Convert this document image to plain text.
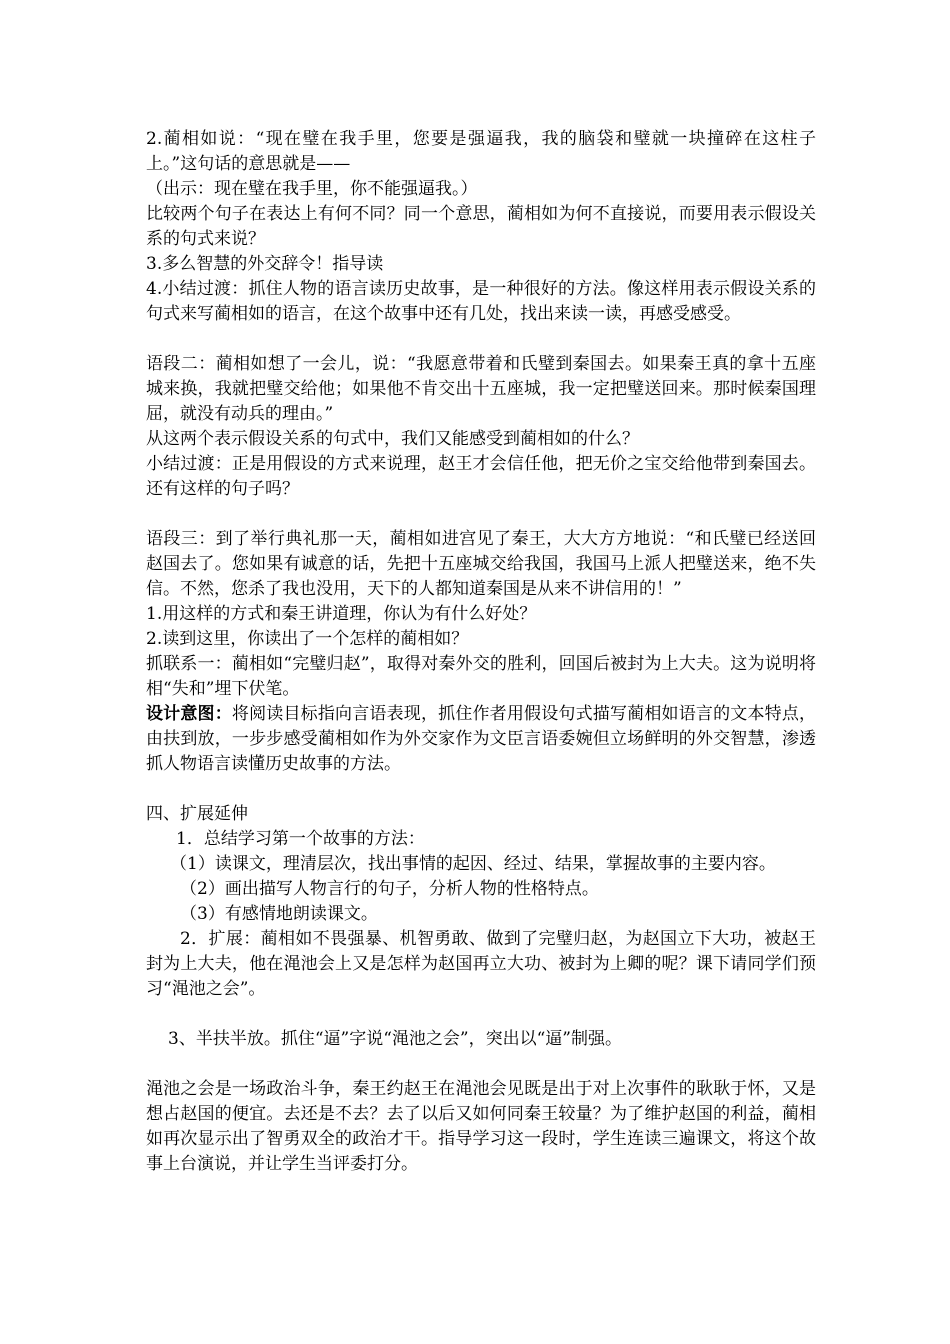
2.蔺相如说：“现在璧在我手里，您要是强逼我，我的脑袋和璧就一块撞碎在这柱子上。”这句话的意思就是——

（出示：现在璧在我手里，你不能强逼我。）

比较两个句子在表达上有何不同？同一个意思，蔺相如为何不直接说，而要用表示假设关系的句式来说？

3.多么智慧的外交辞令！指导读

4.小结过渡：抓住人物的语言读历史故事，是一种很好的方法。像这样用表示假设关系的句式来写蔺相如的语言，在这个故事中还有几处，找出来读一读，再感受感受。

语段二：蔺相如想了一会儿，说：“我愿意带着和氏璧到秦国去。如果秦王真的拿十五座城来换，我就把璧交给他；如果他不肯交出十五座城，我一定把璧送回来。那时候秦国理屈，就没有动兵的理由。”

从这两个表示假设关系的句式中，我们又能感受到蔺相如的什么？

小结过渡：正是用假设的方式来说理，赵王才会信任他，把无价之宝交给他带到秦国去。还有这样的句子吗？

语段三：到了举行典礼那一天，蔺相如进宫见了秦王，大大方方地说：“和氏璧已经送回赵国去了。您如果有诚意的话，先把十五座城交给我国，我国马上派人把璧送来，绝不失信。不然，您杀了我也没用，天下的人都知道秦国是从来不讲信用的！”

1.用这样的方式和秦王讲道理，你认为有什么好处？

2.读到这里，你读出了一个怎样的蔺相如？

抓联系一：蔺相如“完璧归赵”，取得对秦外交的胜利，回国后被封为上大夫。这为说明将相“失和”埋下伏笔。

设计意图：将阅读目标指向言语表现，抓住作者用假设句式描写蔺相如语言的文本特点，由扶到放，一步步感受蔺相如作为外交家作为文臣言语委婉但立场鲜明的外交智慧，渗透抓人物语言读懂历史故事的方法。

四、扩展延伸

1．总结学习第一个故事的方法：

（1）读课文，理清层次，找出事情的起因、经过、结果，掌握故事的主要内容。

（2）画出描写人物言行的句子，分析人物的性格特点。

（3）有感情地朗读课文。

2．扩展：蔺相如不畏强暴、机智勇敢、做到了完璧归赵，为赵国立下大功，被赵王封为上大夫，他在渑池会上又是怎样为赵国再立大功、被封为上卿的呢？课下请同学们预习“渑池之会”。

3、半扶半放。抓住“逼”字说“渑池之会”，突出以“逼”制强。

渑池之会是一场政治斗争，秦王约赵王在渑池会见既是出于对上次事件的耿耿于怀，又是想占赵国的便宜。去还是不去？去了以后又如何同秦王较量？为了维护赵国的利益，蔺相如再次显示出了智勇双全的政治才干。指导学习这一段时，学生连读三遍课文，将这个故事上台演说，并让学生当评委打分。
